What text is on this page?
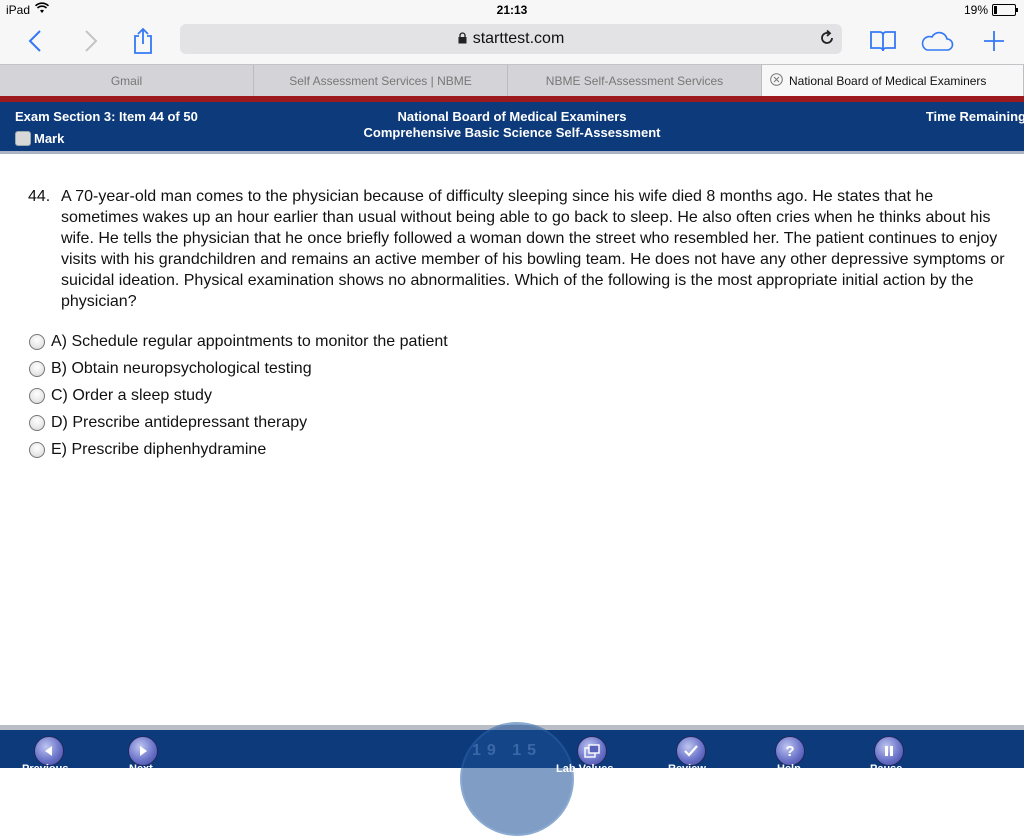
iPad	21:13	19%
starttest.com
Gmail	Self Assessment Services | NBME	NBME Self-Assessment Services	National Board of Medical Examiners
Exam Section 3: Item 44 of 50
Mark
National Board of Medical Examiners
Comprehensive Basic Science Self-Assessment
Time Remaining
44. A 70-year-old man comes to the physician because of difficulty sleeping since his wife died 8 months ago. He states that he sometimes wakes up an hour earlier than usual without being able to go back to sleep. He also often cries when he thinks about his wife. He tells the physician that he once briefly followed a woman down the street who resembled her. The patient continues to enjoy visits with his grandchildren and remains an active member of his bowling team. He does not have any other depressive symptoms or suicidal ideation. Physical examination shows no abnormalities. Which of the following is the most appropriate initial action by the physician?
A) Schedule regular appointments to monitor the patient
B) Obtain neuropsychological testing
C) Order a sleep study
D) Prescribe antidepressant therapy
E) Prescribe diphenhydramine
19 15
Previous	Next	Lab Values	Review
?
Help	Pause
